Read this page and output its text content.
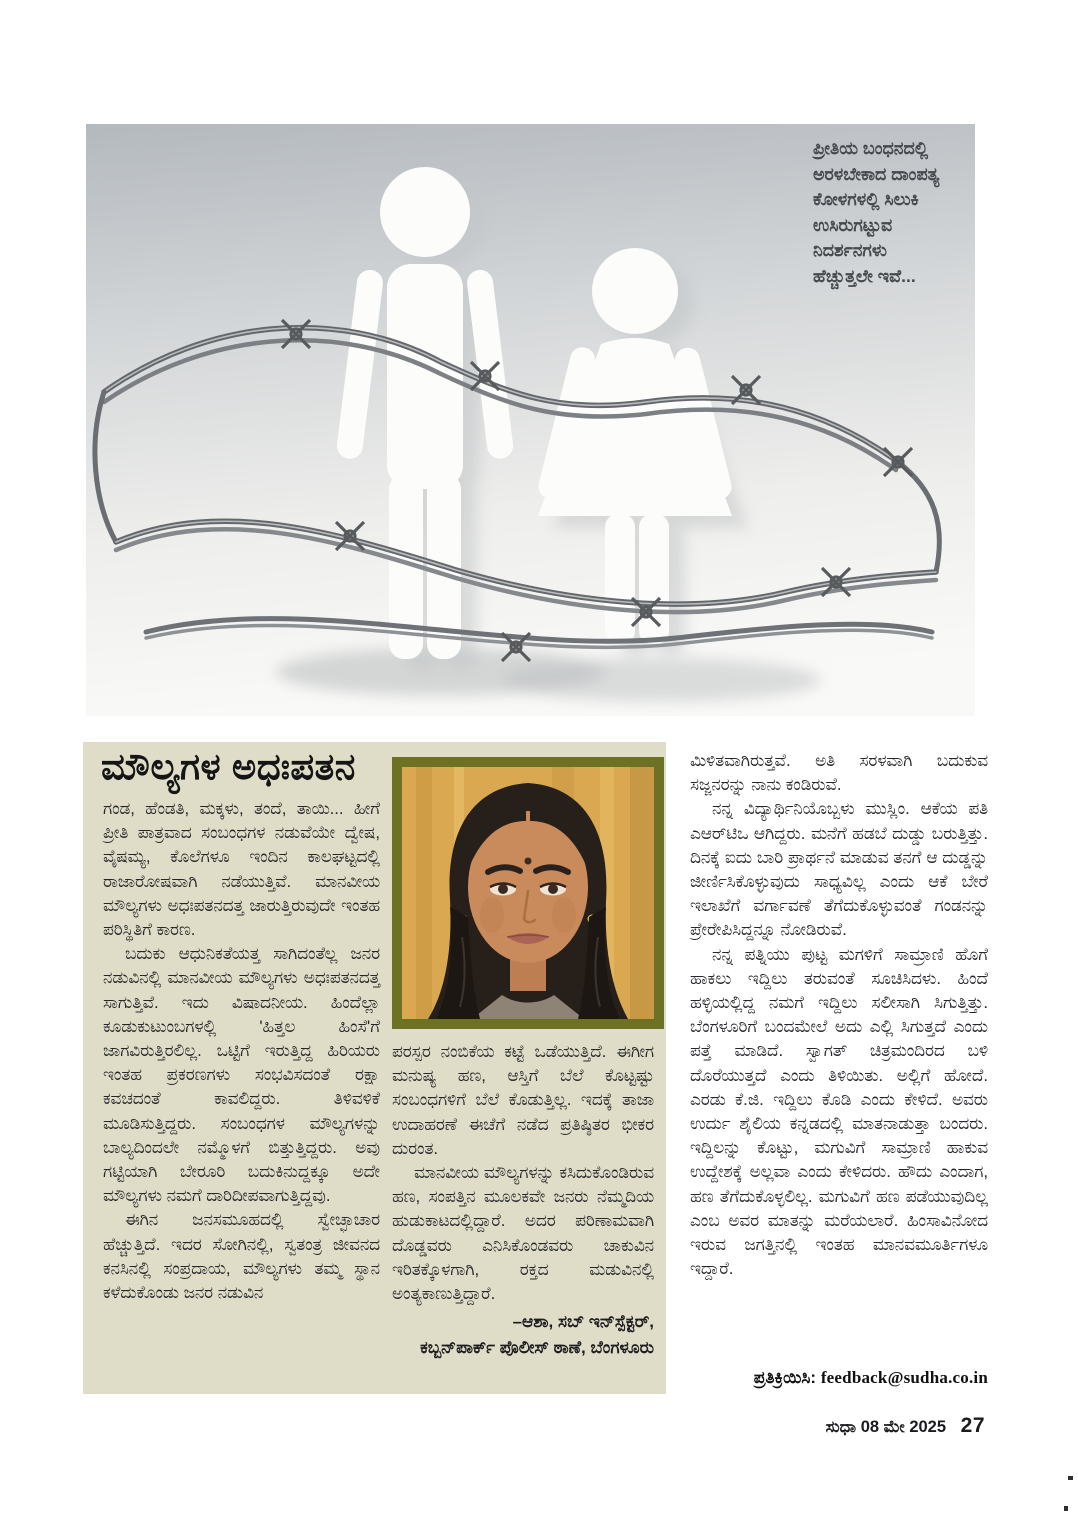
ಪ್ರೀತಿಯ ಬಂಧನದಲ್ಲಿ
ಅರಳಬೇಕಾದ ದಾಂಪತ್ಯ
ಕೋಳಗಳಲ್ಲಿ ಸಿಲುಕಿ
ಉಸಿರುಗಟ್ಟುವ
ನಿದರ್ಶನಗಳು
ಹೆಚ್ಚುತ್ತಲೇ ಇವೆ...
ಮೌಲ್ಯಗಳ ಅಧಃಪತನ

ಗಂಡ, ಹೆಂಡತಿ, ಮಕ್ಕಳು, ತಂದೆ, ತಾಯಿ... ಹೀಗೆ ಪ್ರೀತಿ ಪಾತ್ರವಾದ ಸಂಬಂಧಗಳ ನಡುವೆಯೇ ದ್ವೇಷ, ವೈಷಮ್ಯ, ಕೊಲೆಗಳೂ ಇಂದಿನ ಕಾಲಘಟ್ಟದಲ್ಲಿ ರಾಜಾರೋಷವಾಗಿ ನಡೆಯುತ್ತಿವೆ. ಮಾನವೀಯ ಮೌಲ್ಯಗಳು ಅಧಃಪತನದತ್ತ ಜಾರುತ್ತಿರುವುದೇ ಇಂತಹ ಪರಿಸ್ಥಿತಿಗೆ ಕಾರಣ.

ಬದುಕು ಆಧುನಿಕತೆಯತ್ತ ಸಾಗಿದಂತೆಲ್ಲ ಜನರ ನಡುವಿನಲ್ಲಿ ಮಾನವೀಯ ಮೌಲ್ಯಗಳು ಅಧಃಪತನದತ್ತ ಸಾಗುತ್ತಿವೆ. ಇದು ವಿಷಾದನೀಯ. ಹಿಂದೆಲ್ಲಾ ಕೂಡುಕುಟುಂಬಗಳಲ್ಲಿ 'ಹಿತ್ತಲ ಹಿಂಸೆ'ಗೆ ಜಾಗವಿರುತ್ತಿರಲಿಲ್ಲ. ಒಟ್ಟಿಗೆ ಇರುತ್ತಿದ್ದ ಹಿರಿಯರು ಇಂತಹ ಪ್ರಕರಣಗಳು ಸಂಭವಿಸದಂತೆ ರಕ್ಷಾ ಕವಚದಂತೆ ಕಾವಲಿದ್ದರು. ತಿಳಿವಳಿಕೆ ಮೂಡಿಸುತ್ತಿದ್ದರು. ಸಂಬಂಧಗಳ ಮೌಲ್ಯಗಳನ್ನು ಬಾಲ್ಯದಿಂದಲೇ ನಮ್ಮೊಳಗೆ ಬಿತ್ತುತ್ತಿದ್ದರು. ಅವು ಗಟ್ಟಿಯಾಗಿ ಬೇರೂರಿ ಬದುಕಿನುದ್ದಕ್ಕೂ ಅದೇ ಮೌಲ್ಯಗಳು ನಮಗೆ ದಾರಿದೀಪವಾಗುತ್ತಿದ್ದವು.

ಈಗಿನ ಜನಸಮೂಹದಲ್ಲಿ ಸ್ವೇಚ್ಛಾಚಾರ ಹೆಚ್ಚುತ್ತಿದೆ. ಇದರ ಸೋಗಿನಲ್ಲಿ, ಸ್ವತಂತ್ರ ಜೀವನದ ಕನಸಿನಲ್ಲಿ ಸಂಪ್ರದಾಯ, ಮೌಲ್ಯಗಳು ತಮ್ಮ ಸ್ಥಾನ ಕಳೆದುಕೊಂಡು ಜನರ ನಡುವಿನ

ಪರಸ್ಪರ ನಂಬಿಕೆಯ ಕಟ್ಟೆ ಒಡೆಯುತ್ತಿದೆ. ಈಗೀಗ ಮನುಷ್ಯ ಹಣ, ಆಸ್ತಿಗೆ ಬೆಲೆ ಕೊಟ್ಟಷ್ಟು ಸಂಬಂಧಗಳಿಗೆ ಬೆಲೆ ಕೊಡುತ್ತಿಲ್ಲ. ಇದಕ್ಕೆ ತಾಜಾ ಉದಾಹರಣೆ ಈಚೆಗೆ ನಡೆದ ಪ್ರತಿಷ್ಠಿತರ ಭೀಕರ ದುರಂತ.

ಮಾನವೀಯ ಮೌಲ್ಯಗಳನ್ನು ಕಸಿದುಕೊಂಡಿರುವ ಹಣ, ಸಂಪತ್ತಿನ ಮೂಲಕವೇ ಜನರು ನೆಮ್ಮದಿಯ ಹುಡುಕಾಟದಲ್ಲಿದ್ದಾರೆ. ಅದರ ಪರಿಣಾಮವಾಗಿ ದೊಡ್ಡವರು ಎನಿಸಿಕೊಂಡವರು ಚಾಕುವಿನ ಇರಿತಕ್ಕೊಳಗಾಗಿ, ರಕ್ತದ ಮಡುವಿನಲ್ಲಿ ಅಂತ್ಯಕಾಣುತ್ತಿದ್ದಾರೆ.

–ಆಶಾ, ಸಬ್ ಇನ್‌ಸ್ಪೆಕ್ಟರ್,
ಕಬ್ಬನ್‌ಪಾರ್ಕ್ ಪೊಲೀಸ್ ಠಾಣೆ, ಬೆಂಗಳೂರು

ಮಿಳಿತವಾಗಿರುತ್ತವೆ. ಅತಿ ಸರಳವಾಗಿ ಬದುಕುವ ಸಜ್ಜನರನ್ನು ನಾನು ಕಂಡಿರುವೆ.

ನನ್ನ ವಿದ್ಯಾರ್ಥಿನಿಯೊಬ್ಬಳು ಮುಸ್ಲಿಂ. ಆಕೆಯ ಪತಿ ಎಆರ್‌ಟಿಒ ಆಗಿದ್ದರು. ಮನೆಗೆ ಹಡಬೆ ದುಡ್ಡು ಬರುತ್ತಿತ್ತು. ದಿನಕ್ಕೆ ಐದು ಬಾರಿ ಪ್ರಾರ್ಥನೆ ಮಾಡುವ ತನಗೆ ಆ ದುಡ್ಡನ್ನು ಜೀರ್ಣಿಸಿಕೊಳ್ಳುವುದು ಸಾಧ್ಯವಿಲ್ಲ ಎಂದು ಆಕೆ ಬೇರೆ ಇಲಾಖೆಗೆ ವರ್ಗಾವಣೆ ತೆಗೆದುಕೊಳ್ಳುವಂತೆ ಗಂಡನನ್ನು ಪ್ರೇರೇಪಿಸಿದ್ದನ್ನೂ ನೋಡಿರುವೆ.

ನನ್ನ ಪತ್ನಿಯು ಪುಟ್ಟ ಮಗಳಿಗೆ ಸಾಮ್ರಾಣಿ ಹೊಗೆ ಹಾಕಲು ಇದ್ದಿಲು ತರುವಂತೆ ಸೂಚಿಸಿದಳು. ಹಿಂದೆ ಹಳ್ಳಿಯಲ್ಲಿದ್ದ ನಮಗೆ ಇದ್ದಿಲು ಸಲೀಸಾಗಿ ಸಿಗುತ್ತಿತ್ತು. ಬೆಂಗಳೂರಿಗೆ ಬಂದಮೇಲೆ ಅದು ಎಲ್ಲಿ ಸಿಗುತ್ತದೆ ಎಂದು ಪತ್ತೆ ಮಾಡಿದೆ. ಸ್ವಾಗತ್ ಚಿತ್ರಮಂದಿರದ ಬಳಿ ದೊರೆಯುತ್ತದೆ ಎಂದು ತಿಳಿಯಿತು. ಅಲ್ಲಿಗೆ ಹೋದೆ. ಎರಡು ಕೆ.ಜಿ. ಇದ್ದಿಲು ಕೊಡಿ ಎಂದು ಕೇಳಿದೆ. ಅವರು ಉರ್ದು ಶೈಲಿಯ ಕನ್ನಡದಲ್ಲಿ ಮಾತನಾಡುತ್ತಾ ಬಂದರು. ಇದ್ದಿಲನ್ನು ಕೊಟ್ಟು, ಮಗುವಿಗೆ ಸಾಮ್ರಾಣಿ ಹಾಕುವ ಉದ್ದೇಶಕ್ಕೆ ಅಲ್ಲವಾ ಎಂದು ಕೇಳಿದರು. ಹೌದು ಎಂದಾಗ, ಹಣ ತೆಗೆದುಕೊಳ್ಳಲಿಲ್ಲ. ಮಗುವಿಗೆ ಹಣ ಪಡೆಯುವುದಿಲ್ಲ ಎಂಬ ಅವರ ಮಾತನ್ನು ಮರೆಯಲಾರೆ. ಹಿಂಸಾವಿನೋದ ಇರುವ ಜಗತ್ತಿನಲ್ಲಿ ಇಂತಹ ಮಾನವಮೂರ್ತಿಗಳೂ ಇದ್ದಾರೆ.

ಪ್ರತಿಕ್ರಿಯಿಸಿ: feedback@sudha.co.in
ಸುಧಾ 08 ಮೇ 2025 27
